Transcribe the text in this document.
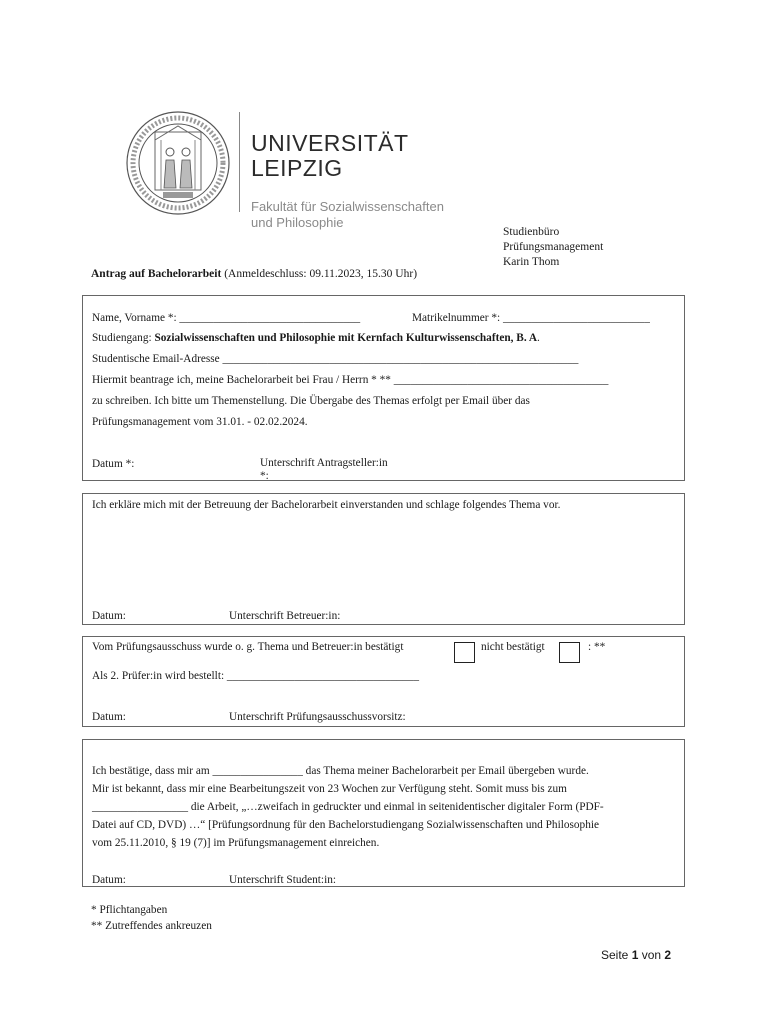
UNIVERSITÄT
LEIPZIG
Fakultät für Sozialwissenschaften
und Philosophie
Studienbüro
Prüfungsmanagement
Karin Thom
Antrag auf Bachelorarbeit (Anmeldeschluss: 09.11.2023, 15.30 Uhr)
Name, Vorname *: ________________________________	Matrikelnummer *: __________________________
Studiengang: Sozialwissenschaften und Philosophie mit Kernfach Kulturwissenschaften, B. A.
Studentische Email-Adresse _______________________________________________________________
Hiermit beantrage ich, meine Bachelorarbeit bei Frau / Herrn * ** ______________________________________
zu schreiben. Ich bitte um Themenstellung. Die Übergabe des Themas erfolgt per Email über das
Prüfungsmanagement vom 31.01. - 02.02.2024.
Datum *:	Unterschrift Antragsteller:in
*:
Ich erkläre mich mit der Betreuung der Bachelorarbeit einverstanden und schlage folgendes Thema vor.
Datum:	Unterschrift Betreuer:in:
Vom Prüfungsausschuss wurde o. g. Thema und Betreuer:in bestätigt	nicht bestätigt	: **
Als 2. Prüfer:in wird bestellt: __________________________________
Datum:	Unterschrift Prüfungsausschussvorsitz:
Ich bestätige, dass mir am ________________ das Thema meiner Bachelorarbeit per Email übergeben wurde.
Mir ist bekannt, dass mir eine Bearbeitungszeit von 23 Wochen zur Verfügung steht. Somit muss bis zum
_________________ die Arbeit, „…zweifach in gedruckter und einmal in seitenidentischer digitaler Form (PDF-
Datei auf CD, DVD) …“ [Prüfungsordnung für den Bachelorstudiengang Sozialwissenschaften und Philosophie
vom 25.11.2010, § 19 (7)] im Prüfungsmanagement einreichen.
Datum:	Unterschrift Student:in:
* Pflichtangaben
** Zutreffendes ankreuzen
Seite 1 von 2
